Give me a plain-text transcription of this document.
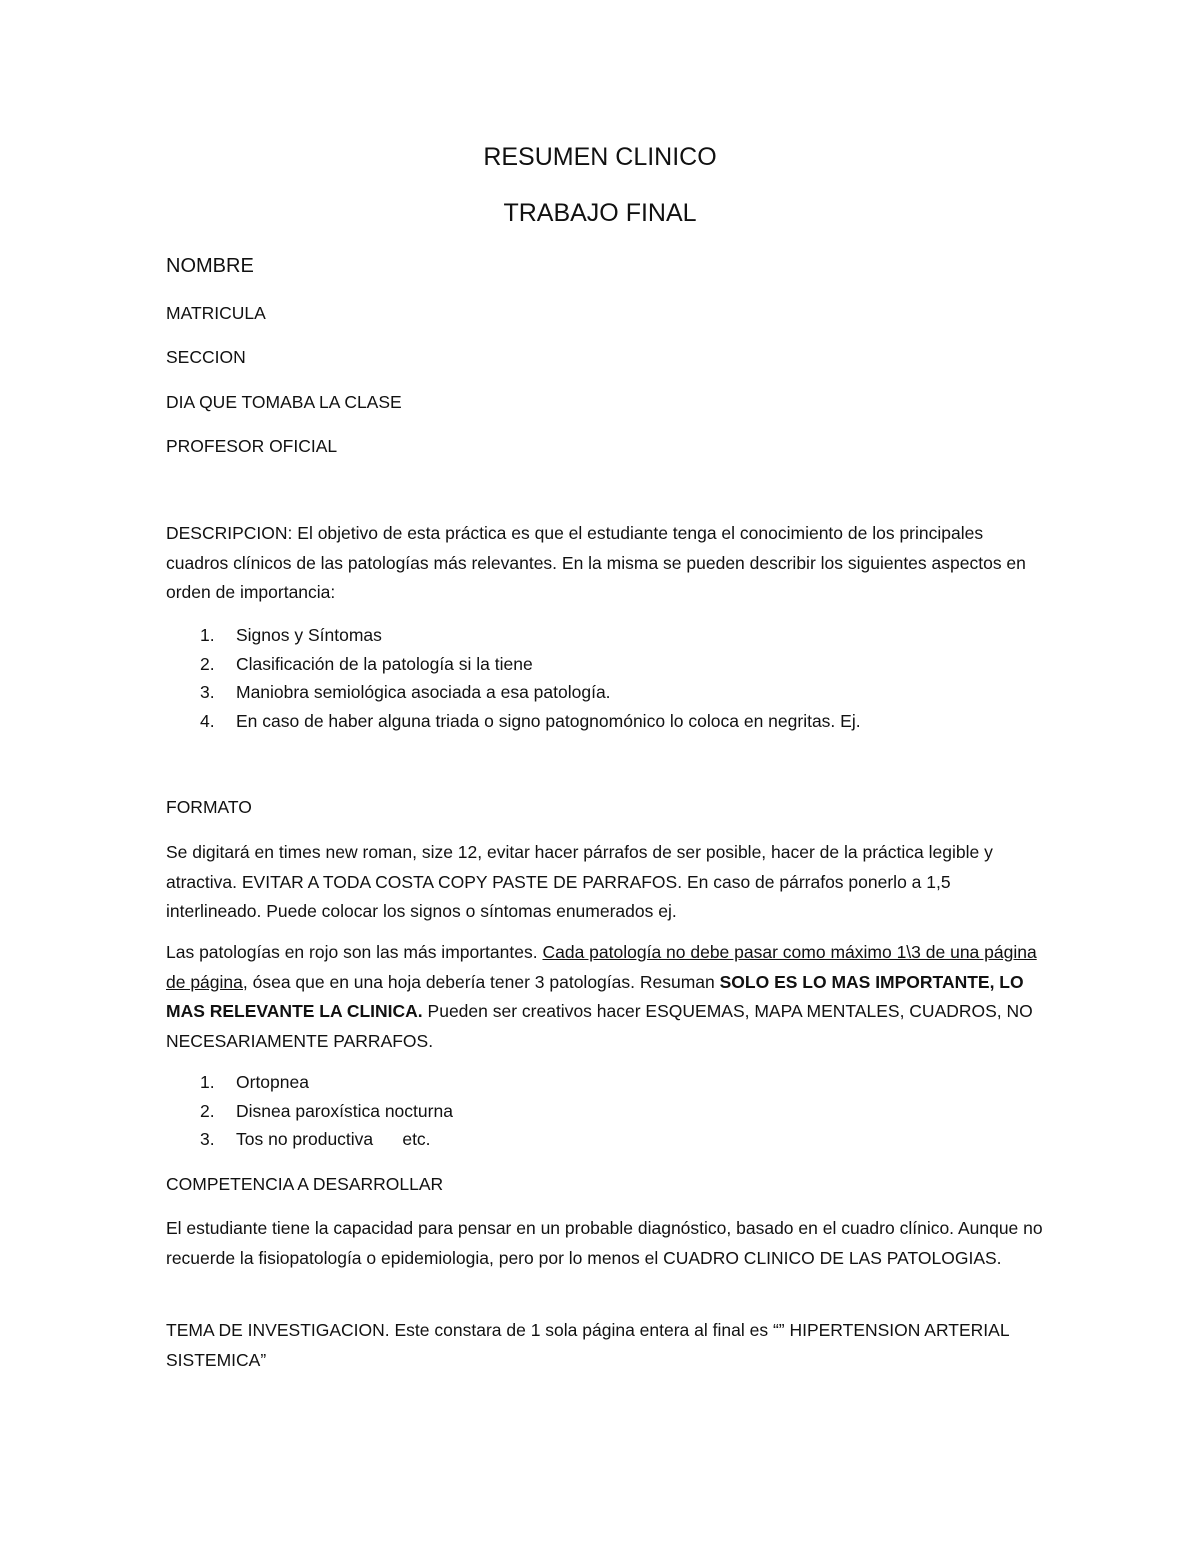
RESUMEN CLINICO
TRABAJO FINAL
NOMBRE
MATRICULA
SECCION
DIA QUE TOMABA LA CLASE
PROFESOR OFICIAL

DESCRIPCION: El objetivo de esta práctica es que el estudiante tenga el conocimiento de los principales cuadros clínicos de las patologías más relevantes. En la misma se pueden describir los siguientes aspectos en orden de importancia:

1. Signos y Síntomas
2. Clasificación de la patología si la tiene
3. Maniobra semiológica asociada a esa patología.
4. En caso de haber alguna triada o signo patognomónico lo coloca en negritas. Ej.
FORMATO

Se digitará en times new roman, size 12, evitar hacer párrafos de ser posible, hacer de la práctica legible y atractiva. EVITAR A TODA COSTA COPY PASTE DE PARRAFOS. En caso de párrafos ponerlo a 1,5 interlineado. Puede colocar los signos o síntomas enumerados ej.

Las patologías en rojo son las más importantes. Cada patología no debe pasar como máximo 1\3 de una página de página, ósea que en una hoja debería tener 3 patologías. Resuman SOLO ES LO MAS IMPORTANTE, LO MAS RELEVANTE LA CLINICA. Pueden ser creativos hacer ESQUEMAS, MAPA MENTALES, CUADROS, NO NECESARIAMENTE PARRAFOS.

1. Ortopnea
2. Disnea paroxística nocturna
3. Tos no productiva      etc.
COMPETENCIA A DESARROLLAR

El estudiante tiene la capacidad para pensar en un probable diagnóstico, basado en el cuadro clínico. Aunque no recuerde la fisiopatología o epidemiologia, pero por lo menos el CUADRO CLINICO DE LAS PATOLOGIAS.

TEMA DE INVESTIGACION. Este constara de 1 sola página entera al final es “” HIPERTENSION ARTERIAL SISTEMICA”
